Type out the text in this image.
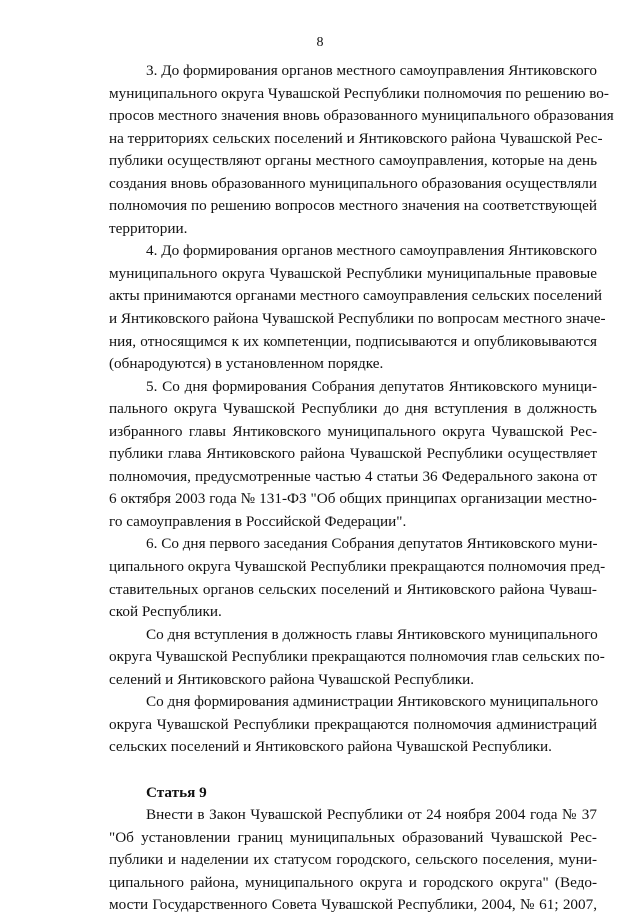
8
3. До формирования органов местного самоуправления Янтиковского
муниципального округа Чувашской Республики полномочия по решению во-
просов местного значения вновь образованного муниципального образования
на территориях сельских поселений и Янтиковского района Чувашской Рес-
публики осуществляют органы местного самоуправления, которые на день
создания вновь образованного муниципального образования осуществляли
полномочия по решению вопросов местного значения на соответствующей
территории.
4. До формирования органов местного самоуправления Янтиковского
муниципального округа Чувашской Республики муниципальные правовые
акты принимаются органами местного самоуправления сельских поселений
и Янтиковского района Чувашской Республики по вопросам местного значе-
ния, относящимся к их компетенции, подписываются и опубликовываются
(обнародуются) в установленном порядке.
5. Со дня формирования Собрания депутатов Янтиковского муници-
пального округа Чувашской Республики до дня вступления в должность
избранного главы Янтиковского муниципального округа Чувашской Рес-
публики глава Янтиковского района Чувашской Республики осуществляет
полномочия, предусмотренные частью 4 статьи 36 Федерального закона от
6 октября 2003 года № 131-ФЗ "Об общих принципах организации местно-
го самоуправления в Российской Федерации".
6. Со дня первого заседания Собрания депутатов Янтиковского муни-
ципального округа Чувашской Республики прекращаются полномочия пред-
ставительных органов сельских поселений и Янтиковского района Чуваш-
ской Республики.
Со дня вступления в должность главы Янтиковского муниципального
округа Чувашской Республики прекращаются полномочия глав сельских по-
селений и Янтиковского района Чувашской Республики.
Со дня формирования администрации Янтиковского муниципального
округа Чувашской Республики прекращаются полномочия администраций
сельских поселений и Янтиковского района Чувашской Республики.
Статья 9
Внести в Закон Чувашской Республики от 24 ноября 2004 года № 37
"Об установлении границ муниципальных образований Чувашской Рес-
публики и наделении их статусом городского, сельского поселения, муни-
ципального района, муниципального округа и городского округа" (Ведо-
мости Государственного Совета Чувашской Республики, 2004, № 61; 2007,
